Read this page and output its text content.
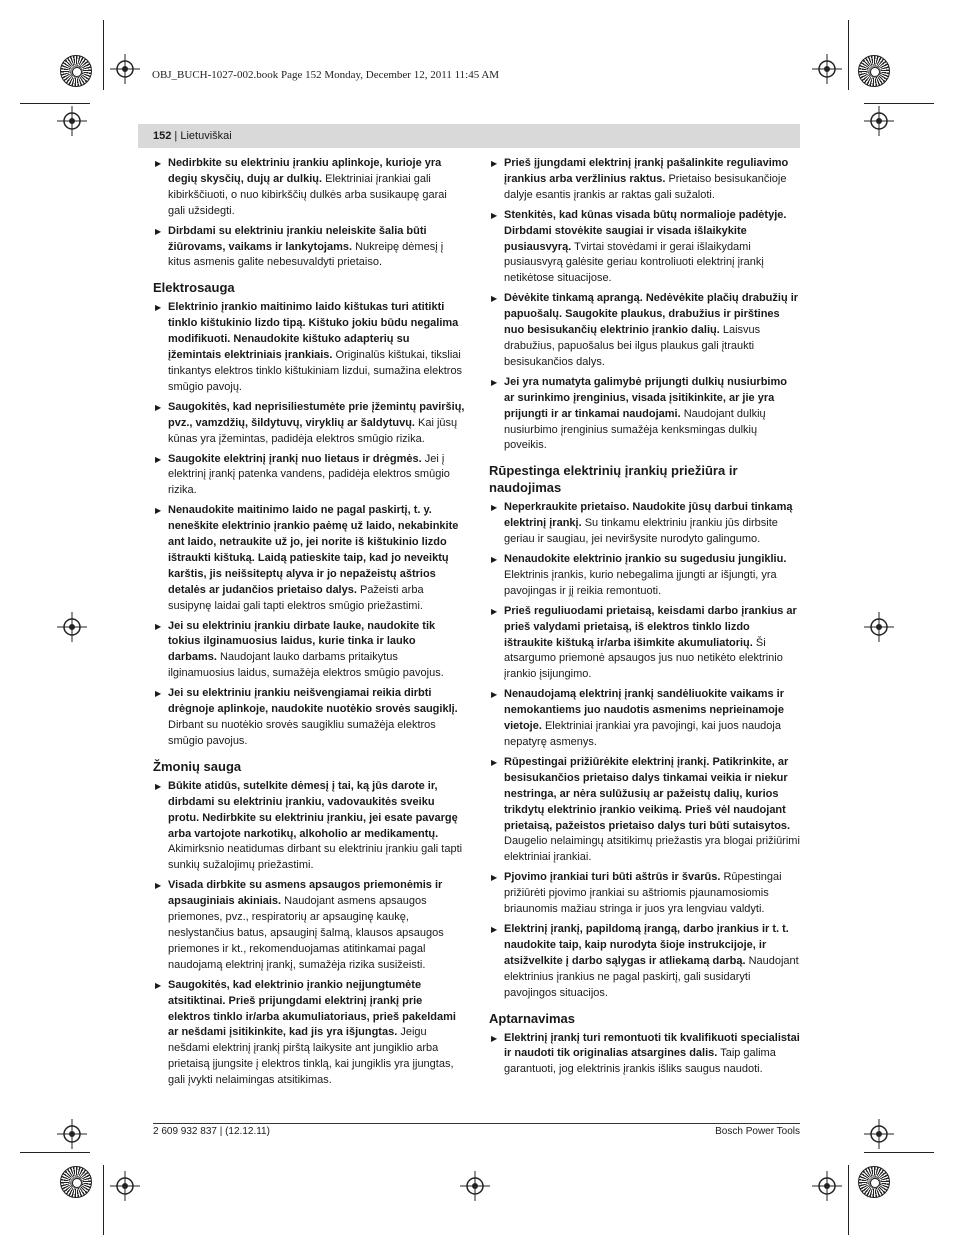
OBJ_BUCH-1027-002.book Page 152 Monday, December 12, 2011 11:45 AM
152 | Lietuviškai
▶ Nedirbkite su elektriniu įrankiu aplinkoje, kurioje yra degių skysčių, dujų ar dulkių. Elektriniai įrankiai gali kibirkščiuoti, o nuo kibirkščių dulkės arba susikaupę garai gali užsidegti.
▶ Dirbdami su elektriniu įrankiu neleiskite šalia būti žiūrovams, vaikams ir lankytojams. Nukreipę dėmesį į kitus asmenis galite nebesuvaldyti prietaiso.
Elektrosauga
▶ Elektrinio įrankio maitinimo laido kištukas turi atitikti tinklo kištukinio lizdo tipą. Kištuko jokiu būdu negalima modifikuoti. Nenaudokite kištuko adapterių su įžemintais elektriniais įrankiais. Originalūs kištukai, tiksliai tinkantys elektros tinklo kištukiniam lizdui, sumažina elektros smūgio pavojų.
▶ Saugokitės, kad neprisiliestumėte prie įžemintų paviršių, pvz., vamzdžių, šildytuvų, viryklių ar šaldytuvų. Kai jūsų kūnas yra įžemintas, padidėja elektros smūgio rizika.
▶ Saugokite elektrinį įrankį nuo lietaus ir drėgmės. Jei į elektrinį įrankį patenka vandens, padidėja elektros smūgio rizika.
▶ Nenaudokite maitinimo laido ne pagal paskirtį, t. y. neneškite elektrinio įrankio paėmę už laido, nekabinkite ant laido, netraukite už jo, jei norite iš kištukinio lizdo ištraukti kištuką. Laidą patieskite taip, kad jo neveiktų karštis, jis neišsiteptų alyva ir jo nepažeistų aštrios detalės ar judančios prietaiso dalys. Pažeisti arba susipynę laidai gali tapti elektros smūgio priežastimi.
▶ Jei su elektriniu įrankiu dirbate lauke, naudokite tik tokius ilginamuosius laidus, kurie tinka ir lauko darbams. Naudojant lauko darbams pritaikytus ilginamuosius laidus, sumažėja elektros smūgio pavojus.
▶ Jei su elektriniu įrankiu neišvengiamai reikia dirbti drėgnoje aplinkoje, naudokite nuotėkio srovės saugiklį. Dirbant su nuotėkio srovės saugikliu sumažėja elektros smūgio pavojus.
Žmonių sauga
▶ Būkite atidūs, sutelkite dėmesį į tai, ką jūs darote ir, dirbdami su elektriniu įrankiu, vadovaukitės sveiku protu. Nedirbkite su elektriniu įrankiu, jei esate pavargę arba vartojote narkotikų, alkoholio ar medikamentų. Akimirksnio neatidumas dirbant su elektriniu įrankiu gali tapti sunkių sužalojimų priežastimi.
▶ Visada dirbkite su asmens apsaugos priemonėmis ir apsauginiais akiniais. Naudojant asmens apsaugos priemones, pvz., respiratorių ar apsauginę kaukę, neslystančius batus, apsauginį šalmą, klausos apsaugos priemones ir kt., rekomenduojamas atitinkamai pagal naudojamą elektrinį įrankį, sumažėja rizika susižeisti.
▶ Saugokitės, kad elektrinio įrankio neįjungtumėte atsitiktinai. Prieš prijungdami elektrinį įrankį prie elektros tinklo ir/arba akumuliatoriaus, prieš pakeldami ar nešdami įsitikinkite, kad jis yra išjungtas. Jeigu nešdami elektrinį įrankį pirštą laikysite ant jungiklio arba prietaisą įjungsite į elektros tinklą, kai jungiklis yra įjungtas, gali įvykti nelaimingas atsitikimas.
▶ Prieš įjungdami elektrinį įrankį pašalinkite reguliavimo įrankius arba veržlinius raktus. Prietaiso besisukančioje dalyje esantis įrankis ar raktas gali sužaloti.
▶ Stenkitės, kad kūnas visada būtų normalioje padėtyje. Dirbdami stovėkite saugiai ir visada išlaikykite pusiausvyrą. Tvirtai stovėdami ir gerai išlaikydami pusiausvyrą galėsite geriau kontroliuoti elektrinį įrankį netikėtose situacijose.
▶ Dėvėkite tinkamą aprangą. Nedėvėkite plačių drabužių ir papuošalų. Saugokite plaukus, drabužius ir pirštines nuo besisukančių elektrinio įrankio dalių. Laisvus drabužius, papuošalus bei ilgus plaukus gali įtraukti besisukančios dalys.
▶ Jei yra numatyta galimybė prijungti dulkių nusiurbimo ar surinkimo įrenginius, visada įsitikinkite, ar jie yra prijungti ir ar tinkamai naudojami. Naudojant dulkių nusiurbimo įrenginius sumažėja kenksmingas dulkių poveikis.
Rūpestinga elektrinių įrankių priežiūra ir naudojimas
▶ Neperkraukite prietaiso. Naudokite jūsų darbui tinkamą elektrinį įrankį. Su tinkamu elektriniu įrankiu jūs dirbsite geriau ir saugiau, jei neviršysite nurodyto galingumo.
▶ Nenaudokite elektrinio įrankio su sugedusiu jungikliu. Elektrinis įrankis, kurio nebegalima įjungti ar išjungti, yra pavojingas ir jį reikia remontuoti.
▶ Prieš reguliuodami prietaisą, keisdami darbo įrankius ar prieš valydami prietaisą, iš elektros tinklo lizdo ištraukite kištuką ir/arba išimkite akumuliatorių. Ši atsargumo priemonė apsaugos jus nuo netikėto elektrinio įrankio įsijungimo.
▶ Nenaudojamą elektrinį įrankį sandėliuokite vaikams ir nemokantiems juo naudotis asmenims neprieinamoje vietoje. Elektriniai įrankiai yra pavojingi, kai juos naudoja nepatyrę asmenys.
▶ Rūpestingai prižiūrėkite elektrinį įrankį. Patikrinkite, ar besisukančios prietaiso dalys tinkamai veikia ir niekur nestringa, ar nėra sulūžusių ar pažeistų dalių, kurios trikdytų elektrinio įrankio veikimą. Prieš vėl naudojant prietaisą, pažeistos prietaiso dalys turi būti sutaisytos. Daugelio nelaimingų atsitikimų priežastis yra blogai prižiūrimi elektriniai įrankiai.
▶ Pjovimo įrankiai turi būti aštrūs ir švarūs. Rūpestingai prižiūrėti pjovimo įrankiai su aštriomis pjaunamosiomis briaunomis mažiau stringa ir juos yra lengviau valdyti.
▶ Elektrinį įrankį, papildomą įrangą, darbo įrankius ir t. t. naudokite taip, kaip nurodyta šioje instrukcijoje, ir atsižvelkite į darbo sąlygas ir atliekamą darbą. Naudojant elektrinius įrankius ne pagal paskirtį, gali susidaryti pavojingos situacijos.
Aptarnavimas
▶ Elektrinį įrankį turi remontuoti tik kvalifikuoti specialistai ir naudoti tik originalias atsargines dalis. Taip galima garantuoti, jog elektrinis įrankis išliks saugus naudoti.
2 609 932 837 | (12.12.11)	Bosch Power Tools
